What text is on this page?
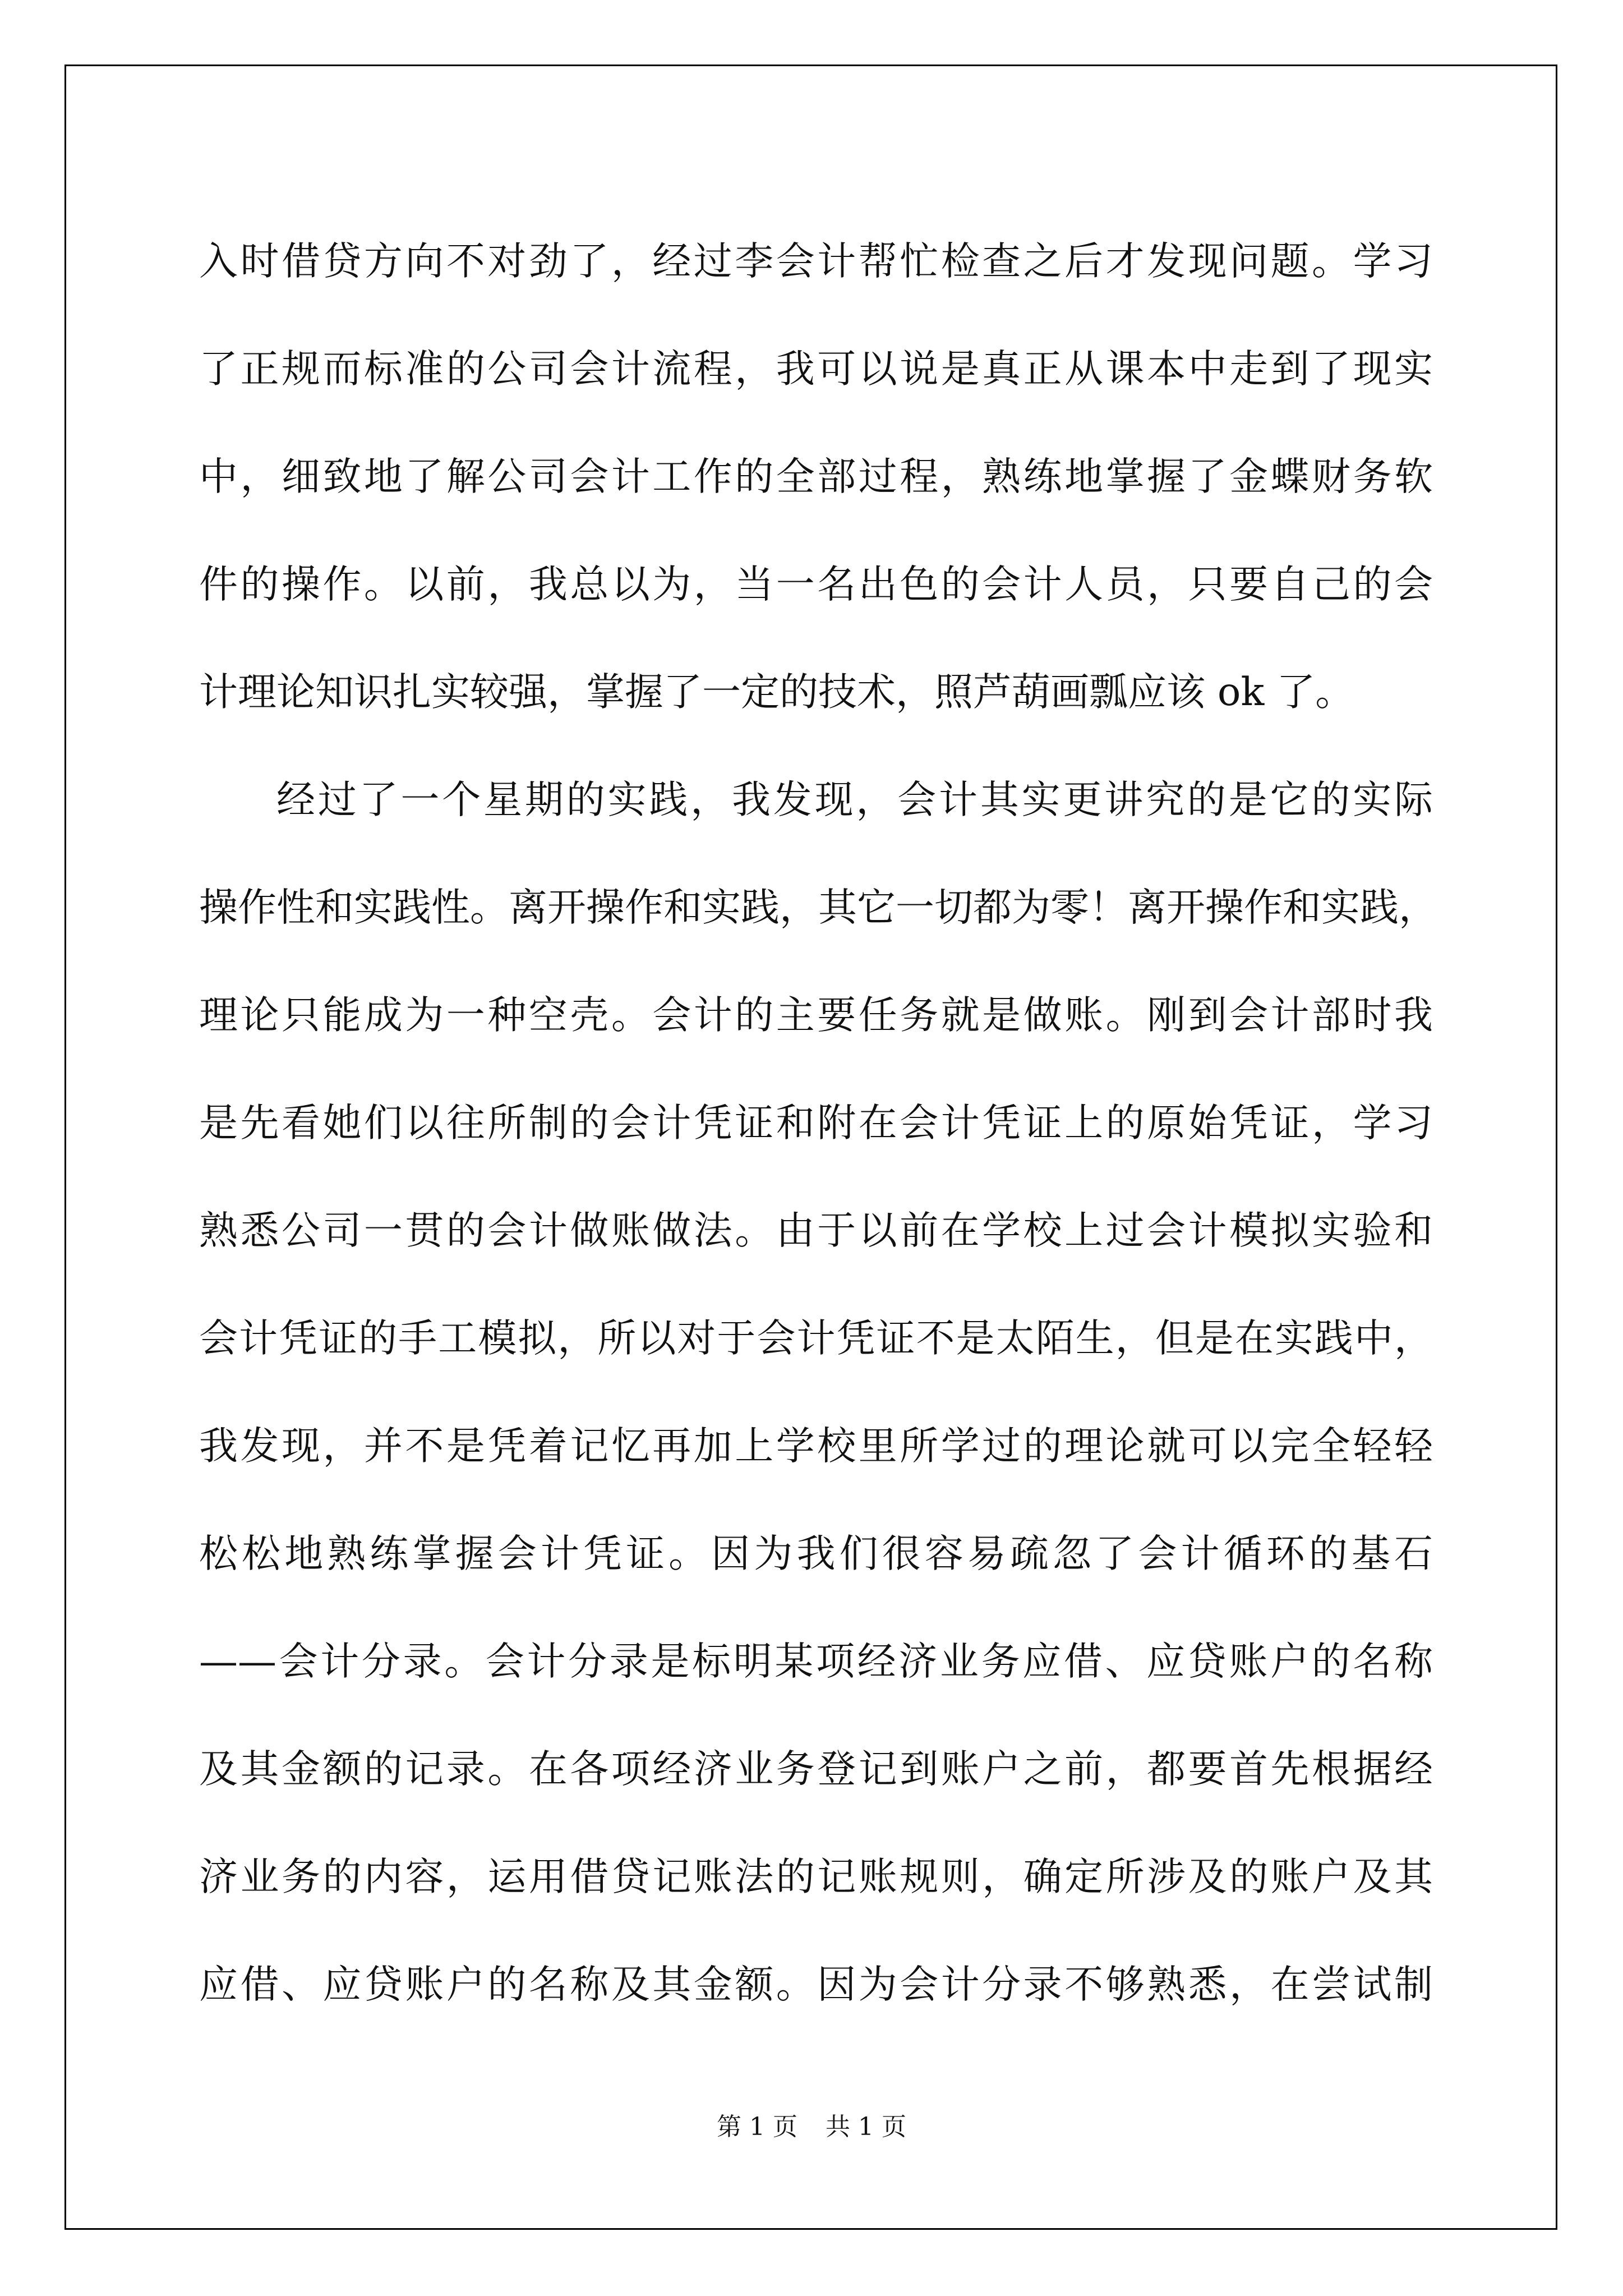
入时借贷方向不对劲了，经过李会计帮忙检查之后才发现问题。学习
了正规而标准的公司会计流程，我可以说是真正从课本中走到了现实
中，细致地了解公司会计工作的全部过程，熟练地掌握了金蝶财务软
件的操作。以前，我总以为，当一名出色的会计人员，只要自己的会
计理论知识扎实较强，掌握了一定的技术，照芦葫画瓢应该 ok 了。
经过了一个星期的实践，我发现，会计其实更讲究的是它的实际
操作性和实践性。离开操作和实践，其它一切都为零！离开操作和实践，
理论只能成为一种空壳。会计的主要任务就是做账。刚到会计部时我
是先看她们以往所制的会计凭证和附在会计凭证上的原始凭证，学习
熟悉公司一贯的会计做账做法。由于以前在学校上过会计模拟实验和
会计凭证的手工模拟，所以对于会计凭证不是太陌生，但是在实践中，
我发现，并不是凭着记忆再加上学校里所学过的理论就可以完全轻轻
松松地熟练掌握会计凭证。因为我们很容易疏忽了会计循环的基石
——会计分录。会计分录是标明某项经济业务应借、应贷账户的名称
及其金额的记录。在各项经济业务登记到账户之前，都要首先根据经
济业务的内容，运用借贷记账法的记账规则，确定所涉及的账户及其
应借、应贷账户的名称及其金额。因为会计分录不够熟悉，在尝试制
第 1 页 共 1 页
